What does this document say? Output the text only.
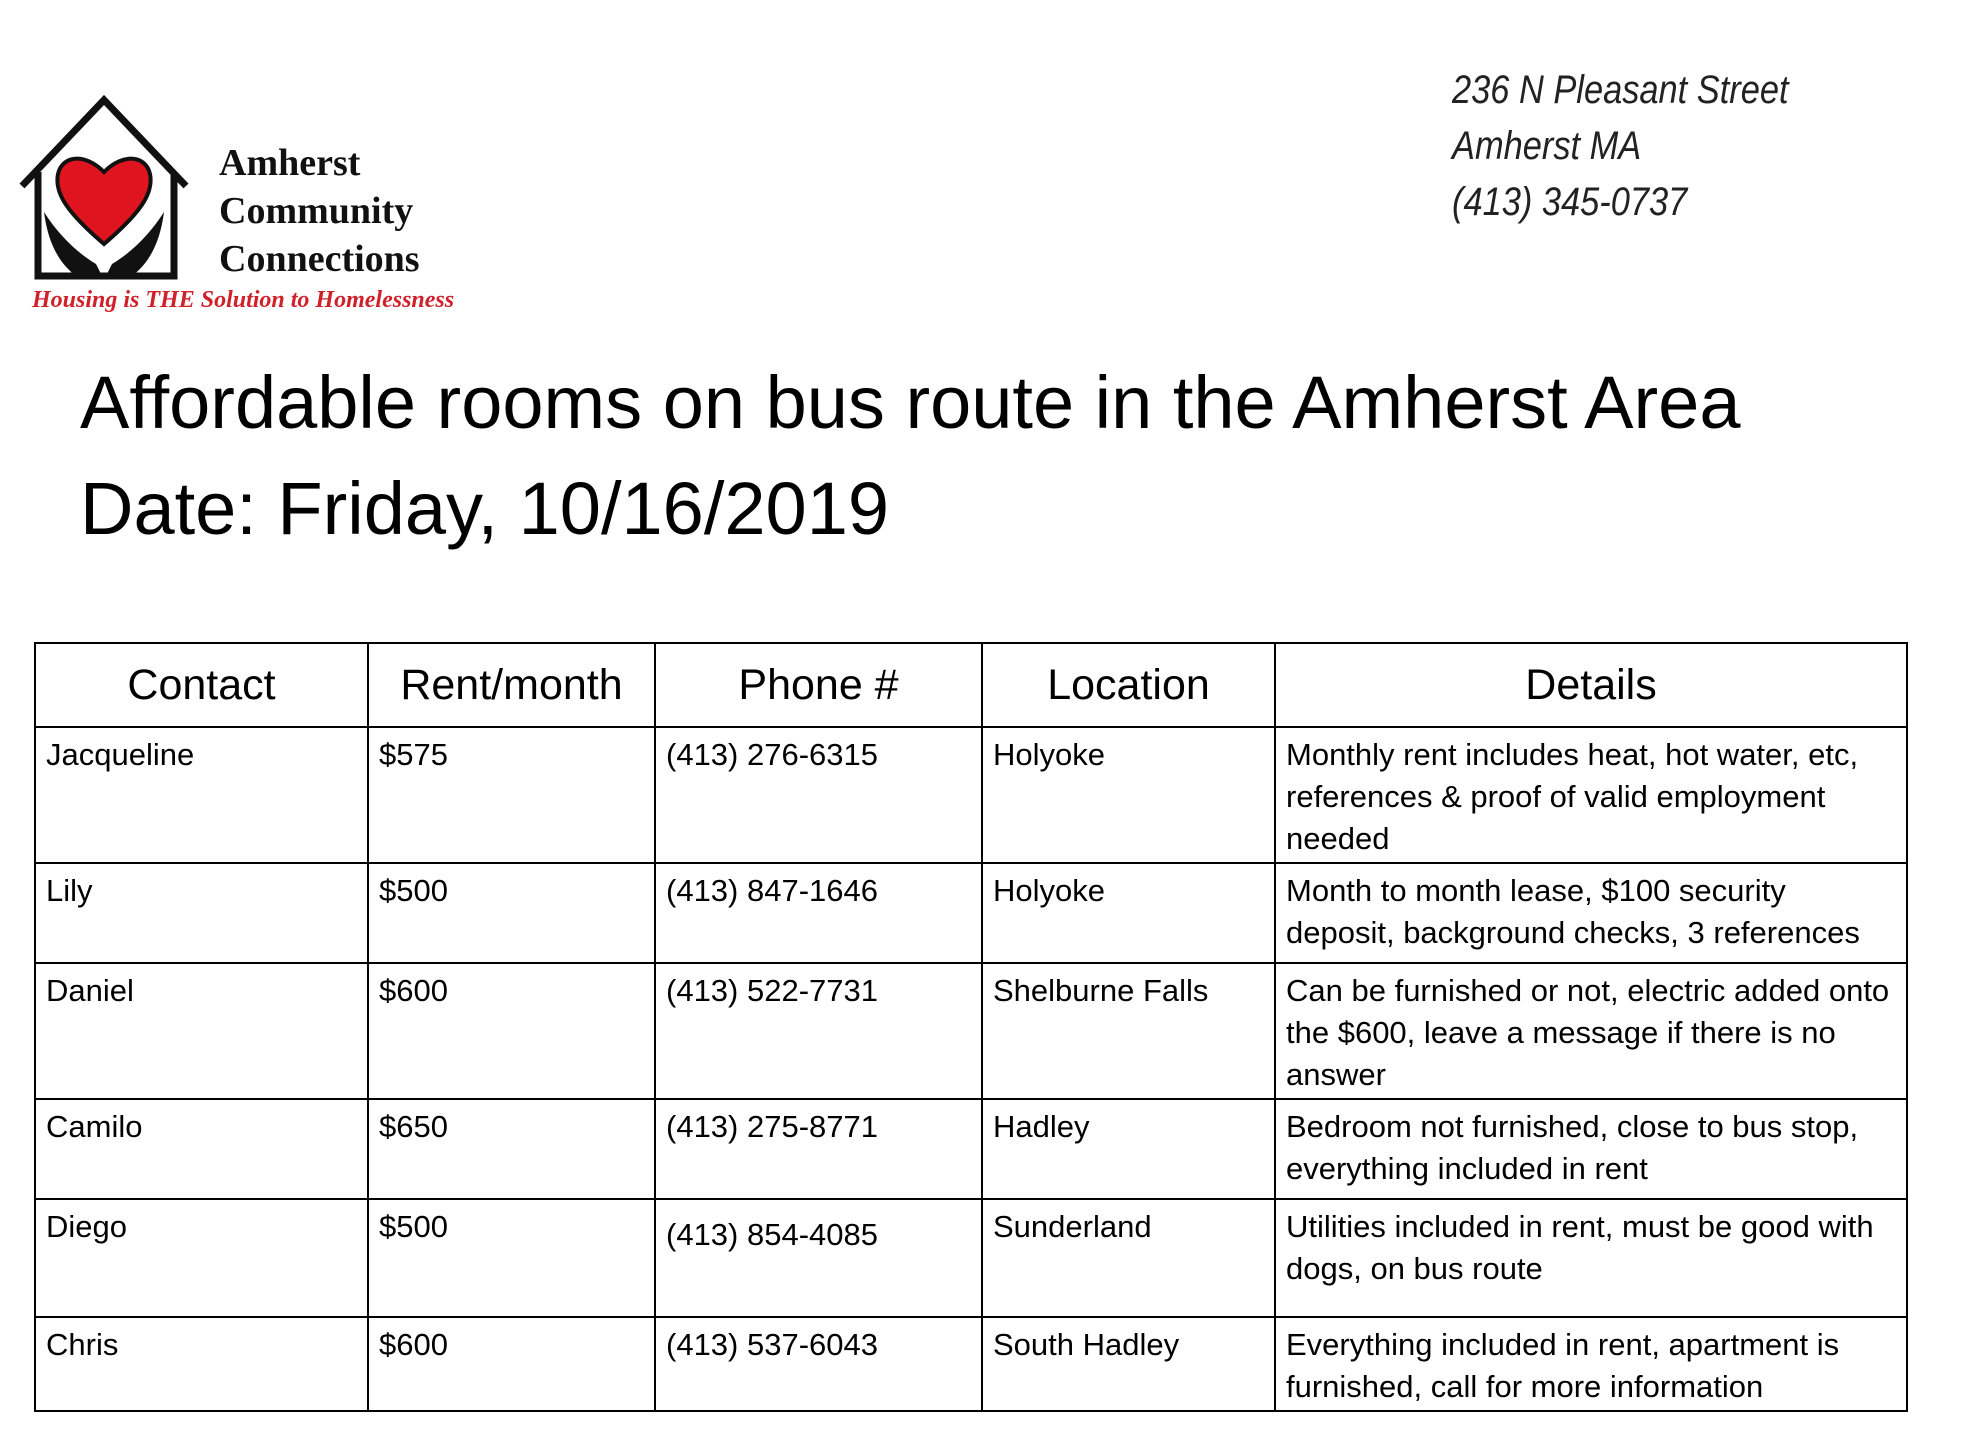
Amherst
Community
Connections
Housing is THE Solution to Homelessness
236 N Pleasant Street
Amherst MA
(413) 345-0737
Affordable rooms on bus route in the Amherst Area
Date: Friday, 10/16/2019
Contact	Rent/month	Phone #	Location	Details
Jacqueline	$575	(413) 276-6315	Holyoke	Monthly rent includes heat, hot water, etc, references & proof of valid employment needed
Lily	$500	(413) 847-1646	Holyoke	Month to month lease, $100 security deposit, background checks, 3 references
Daniel	$600	(413) 522-7731	Shelburne Falls	Can be furnished or not, electric added onto the $600, leave a message if there is no answer
Camilo	$650	(413) 275-8771	Hadley	Bedroom not furnished, close to bus stop, everything included in rent
Diego	$500	(413) 854-4085	Sunderland	Utilities included in rent, must be good with dogs, on bus route
Chris	$600	(413) 537-6043	South Hadley	Everything included in rent, apartment is furnished, call for more information
